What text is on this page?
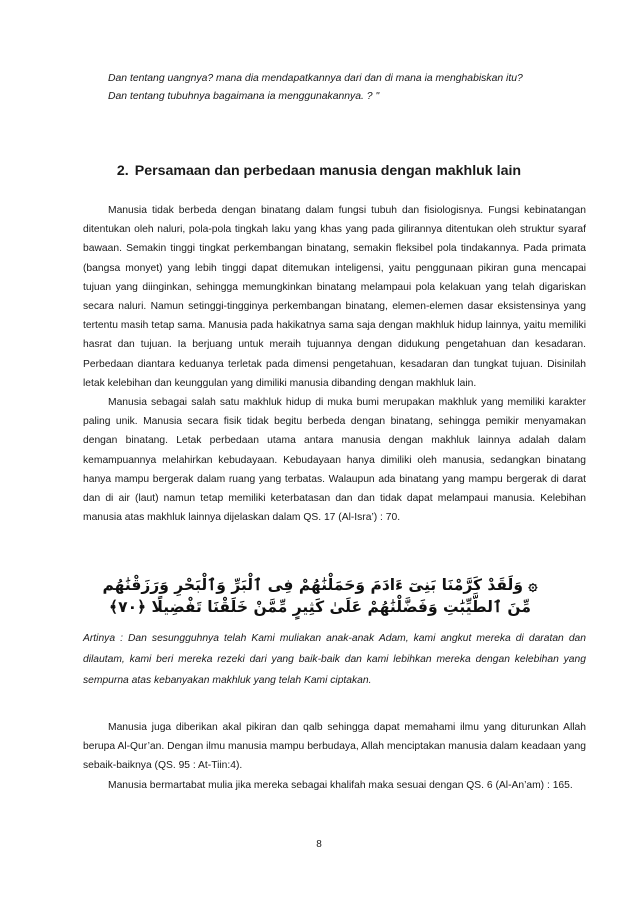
Dan tentang uangnya? mana dia mendapatkannya dari dan di mana ia menghabiskan itu?

Dan tentang tubuhnya bagaimana ia menggunakannya. ? "

2. Persamaan dan perbedaan manusia dengan makhluk lain

Manusia tidak berbeda dengan binatang dalam fungsi tubuh dan fisiologisnya. Fungsi kebinatangan ditentukan oleh naluri, pola-pola tingkah laku yang khas yang pada gilirannya ditentukan oleh struktur syaraf bawaan. Semakin tinggi tingkat perkembangan binatang, semakin fleksibel pola tindakannya. Pada primata (bangsa monyet) yang lebih tinggi dapat ditemukan inteligensi, yaitu penggunaan pikiran guna mencapai tujuan yang diinginkan, sehingga memungkinkan binatang melampaui pola kelakuan yang telah digariskan secara naluri. Namun setinggi-tingginya perkembangan binatang, elemen-elemen dasar eksistensinya yang tertentu masih tetap sama. Manusia pada hakikatnya sama saja dengan makhluk hidup lainnya, yaitu memiliki hasrat dan tujuan. Ia berjuang untuk meraih tujuannya dengan didukung pengetahuan dan kesadaran. Perbedaan diantara keduanya terletak pada dimensi pengetahuan, kesadaran dan tungkat tujuan. Disinilah letak kelebihan dan keunggulan yang dimiliki manusia dibanding dengan makhluk lain.

Manusia sebagai salah satu makhluk hidup di muka bumi merupakan makhluk yang memiliki karakter paling unik. Manusia secara fisik tidak begitu berbeda dengan binatang, sehingga pemikir menyamakan dengan binatang. Letak perbedaan utama antara manusia dengan makhluk lainnya adalah dalam kemampuannya melahirkan kebudayaan. Kebudayaan hanya dimiliki oleh manusia, sedangkan binatang hanya mampu bergerak dalam ruang yang terbatas. Walaupun ada binatang yang mampu bergerak di darat dan di air (laut) namun tetap memiliki keterbatasan dan dan tidak dapat melampaui manusia. Kelebihan manusia atas makhluk lainnya dijelaskan dalam QS. 17 (Al-Isra’) : 70.

۞ وَلَقَدْ كَرَّمْنَا بَنِىٓ ءَادَمَ وَحَمَلْنَٰهُمْ فِى ٱلْبَرِّ وَٱلْبَحْرِ وَرَزَقْنَٰهُم
مِّنَ ٱلطَّيِّبَٰتِ وَفَضَّلْنَٰهُمْ عَلَىٰ كَثِيرٍ مِّمَّنْ خَلَقْنَا تَفْضِيلًا ﴿٧٠﴾

Artinya : Dan sesungguhnya telah Kami muliakan anak-anak Adam, kami angkut mereka di daratan dan dilautam, kami beri mereka rezeki dari yang baik-baik dan kami lebihkan mereka dengan kelebihan yang sempurna atas kebanyakan makhluk yang telah Kami ciptakan.

Manusia juga diberikan akal pikiran dan qalb sehingga dapat memahami ilmu yang diturunkan Allah berupa Al-Qur’an. Dengan ilmu manusia mampu berbudaya, Allah menciptakan manusia dalam keadaan yang sebaik-baiknya (QS. 95 : At-Tiin:4).

Manusia bermartabat mulia jika mereka sebagai khalifah maka sesuai dengan QS. 6 (Al-An’am) : 165.

8
